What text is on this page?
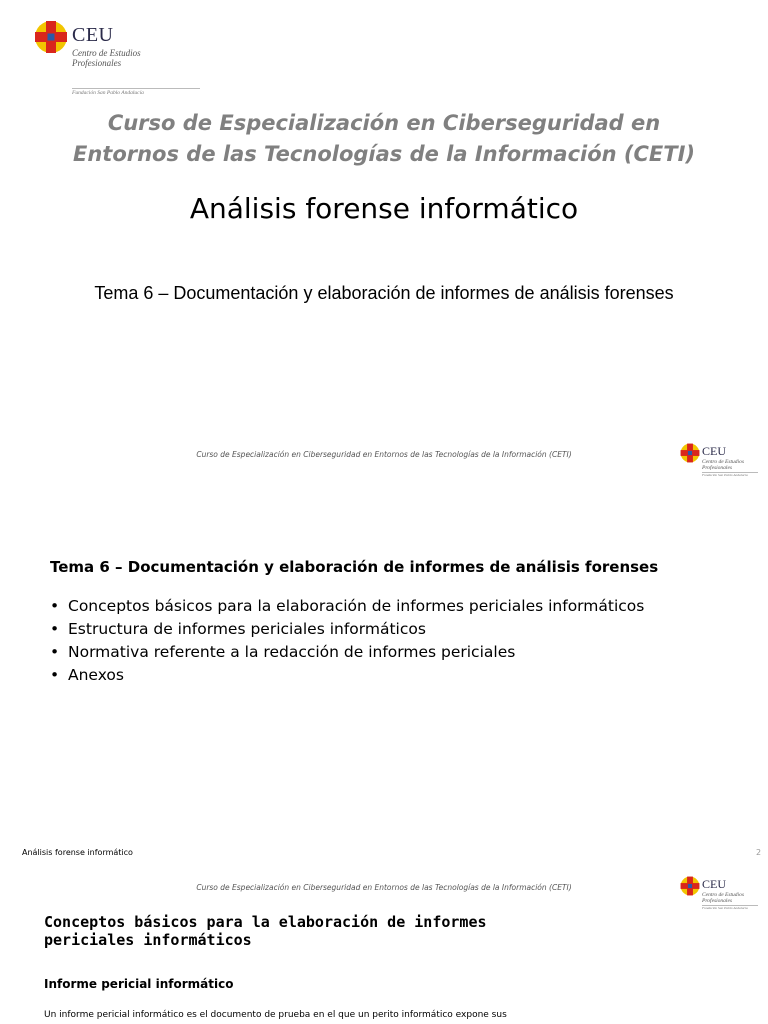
CEU
Centro de Estudios
Profesionales
Fundación San Pablo Andalucía
Curso de Especialización en Ciberseguridad en
Entornos de las Tecnologías de la Información (CETI)
Análisis forense informático
Tema 6 – Documentación y elaboración de informes de análisis forenses
Curso de Especialización en Ciberseguridad en Entornos de las Tecnologías de la Información (CETI)	CEU
Centro de Estudios
Profesionales
Fundación San Pablo Andalucía
Tema 6 – Documentación y elaboración de informes de análisis forenses
• Conceptos básicos para la elaboración de informes periciales informáticos
• Estructura de informes periciales informáticos
• Normativa referente a la redacción de informes periciales
• Anexos
Análisis forense informático	2
Curso de Especialización en Ciberseguridad en Entornos de las Tecnologías de la Información (CETI)	CEU
Centro de Estudios
Profesionales
Fundación San Pablo Andalucía
Conceptos básicos para la elaboración de informes
periciales informáticos
Informe pericial informático
Un informe pericial informático es el documento de prueba en el que un perito informático expone sus
